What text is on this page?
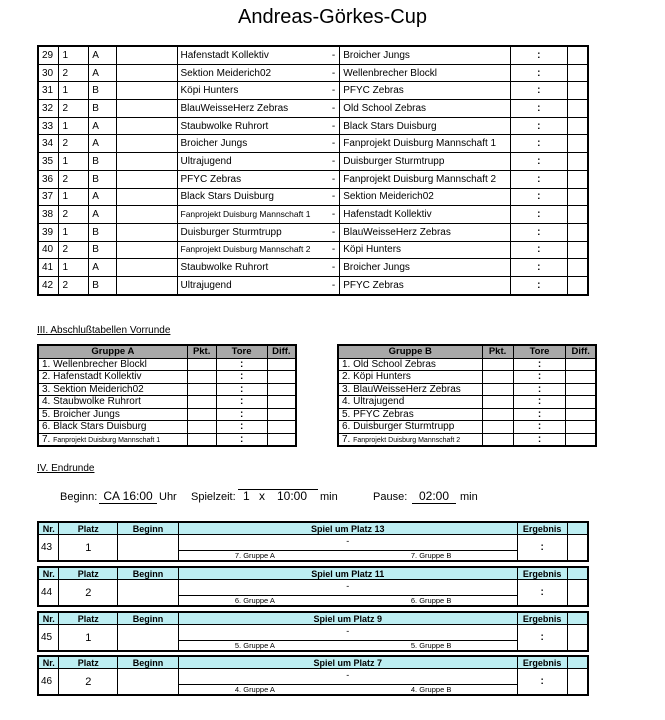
Andreas-Görkes-Cup
29	1	A		Hafenstadt Kollektiv -	Broicher Jungs	:	
30	2	A		Sektion Meiderich02 -	Wellenbrecher Blockl	:	
31	1	B		Köpi Hunters -	PFYC Zebras	:	
32	2	B		BlauWeisseHerz Zebras -	Old School Zebras	:	
33	1	A		Staubwolke Ruhrort -	Black Stars Duisburg	:	
34	2	A		Broicher Jungs -	Fanprojekt Duisburg Mannschaft 1	:	
35	1	B		Ultrajugend -	Duisburger Sturmtrupp	:	
36	2	B		PFYC Zebras -	Fanprojekt Duisburg Mannschaft 2	:	
37	1	A		Black Stars Duisburg -	Sektion Meiderich02	:	
38	2	A		Fanprojekt Duisburg Mannschaft 1 -	Hafenstadt Kollektiv	:	
39	1	B		Duisburger Sturmtrupp -	BlauWeisseHerz Zebras	:	
40	2	B		Fanprojekt Duisburg Mannschaft 2 -	Köpi Hunters	:	
41	1	A		Staubwolke Ruhrort -	Broicher Jungs	:	
42	2	B		Ultrajugend -	PFYC Zebras	:	
III. Abschlußtabellen Vorrunde
Gruppe A	Pkt.	Tore	Diff.
1. Wellenbrecher Blockl		:	
2. Hafenstadt Kollektiv		:	
3. Sektion Meiderich02		:	
4. Staubwolke Ruhrort		:	
5. Broicher Jungs		:	
6. Black Stars Duisburg		:	
7. Fanprojekt Duisburg Mannschaft 1		:	
Gruppe B	Pkt.	Tore	Diff.
1. Old School Zebras		:	
2. Köpi Hunters		:	
3. BlauWeisseHerz Zebras		:	
4. Ultrajugend		:	
5. PFYC Zebras		:	
6. Duisburger Sturmtrupp		:	
7. Fanprojekt Duisburg Mannschaft 2		:	
IV. Endrunde
Beginn: CA 16:00 Uhr Spielzeit: 1 x 10:00 min	Pause: 02:00 min
Nr.	Platz	Beginn	Spiel um Platz 13	Ergebnis	
43	1		-	:	

			7. Gruppe A 7. Gruppe B		
Nr.	Platz	Beginn	Spiel um Platz 11	Ergebnis	
44	2		-	:	

			6. Gruppe A 6. Gruppe B		
Nr.	Platz	Beginn	Spiel um Platz 9	Ergebnis	
45	1		-	:	

			5. Gruppe A 5. Gruppe B		
Nr.	Platz	Beginn	Spiel um Platz 7	Ergebnis	
46	2		-	:	

			4. Gruppe A 4. Gruppe B		
